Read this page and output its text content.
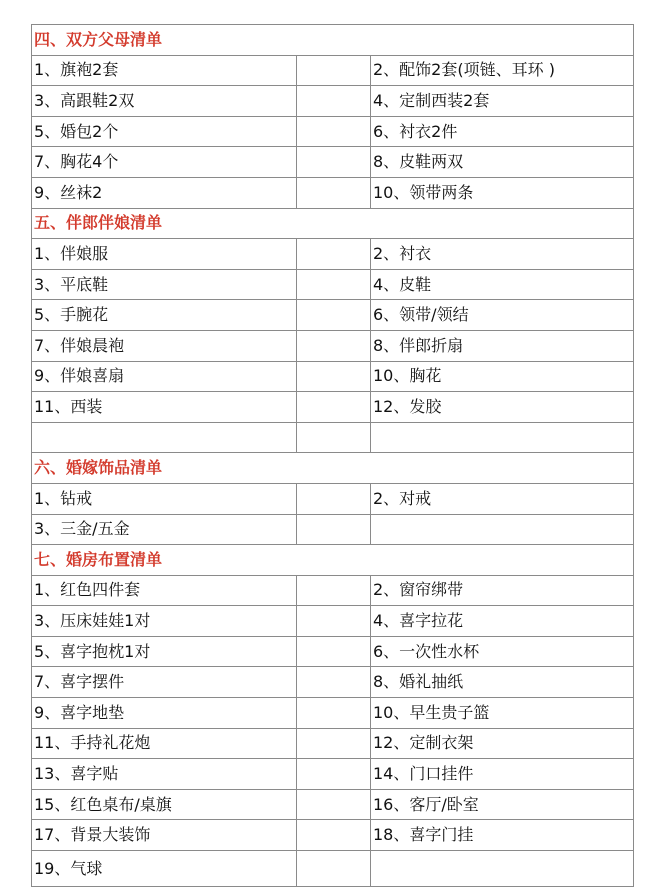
四、双方父母清单		
1、旗袍2套		2、配饰2套(项链、耳环 )
3、高跟鞋2双		4、定制西装2套
5、婚包2个		6、衬衣2件
7、胸花4个		8、皮鞋两双
9、丝袜2		10、领带两条
五、伴郎伴娘清单		
1、伴娘服		2、衬衣
3、平底鞋		4、皮鞋
5、手腕花		6、领带/领结
7、伴娘晨袍		8、伴郎折扇
9、伴娘喜扇		10、胸花
11、西装		12、发胶

六、婚嫁饰品清单		
1、钻戒		2、对戒
3、三金/五金		
七、婚房布置清单		
1、红色四件套		2、窗帘绑带
3、压床娃娃1对		4、喜字拉花
5、喜字抱枕1对		6、一次性水杯
7、喜字摆件		8、婚礼抽纸
9、喜字地垫		10、早生贵子篮
11、手持礼花炮		12、定制衣架
13、喜字贴		14、门口挂件
15、红色桌布/桌旗		16、客厅/卧室
17、背景大装饰		18、喜字门挂
19、气球		
